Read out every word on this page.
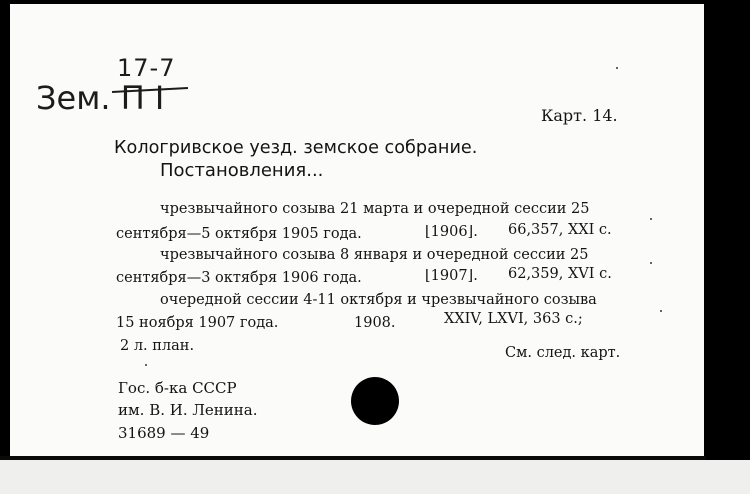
17-7
Зем. П I	Карт. 14.
Кологривское уезд. земское собрание.
Постановления...
чрезвычайного созыва 21 марта и очередной сессии 25
сентября—5 октября 1905 года.	⌊1906⌋. 66,357, XXI с.
чрезвычайного созыва 8 января и очередной сессии 25
сентября—3 октября 1906 года.	⌊1907⌋. 62,359, XVI с.
очередной сессии 4-11 октября и чрезвычайного созыва
15 ноября 1907 года.	1908.	XXIV, LXVI, 363 с.;
2 л. план.	См. след. карт.
Гос. б-ка СССР
им. В. И. Ленина.
31689 — 49
